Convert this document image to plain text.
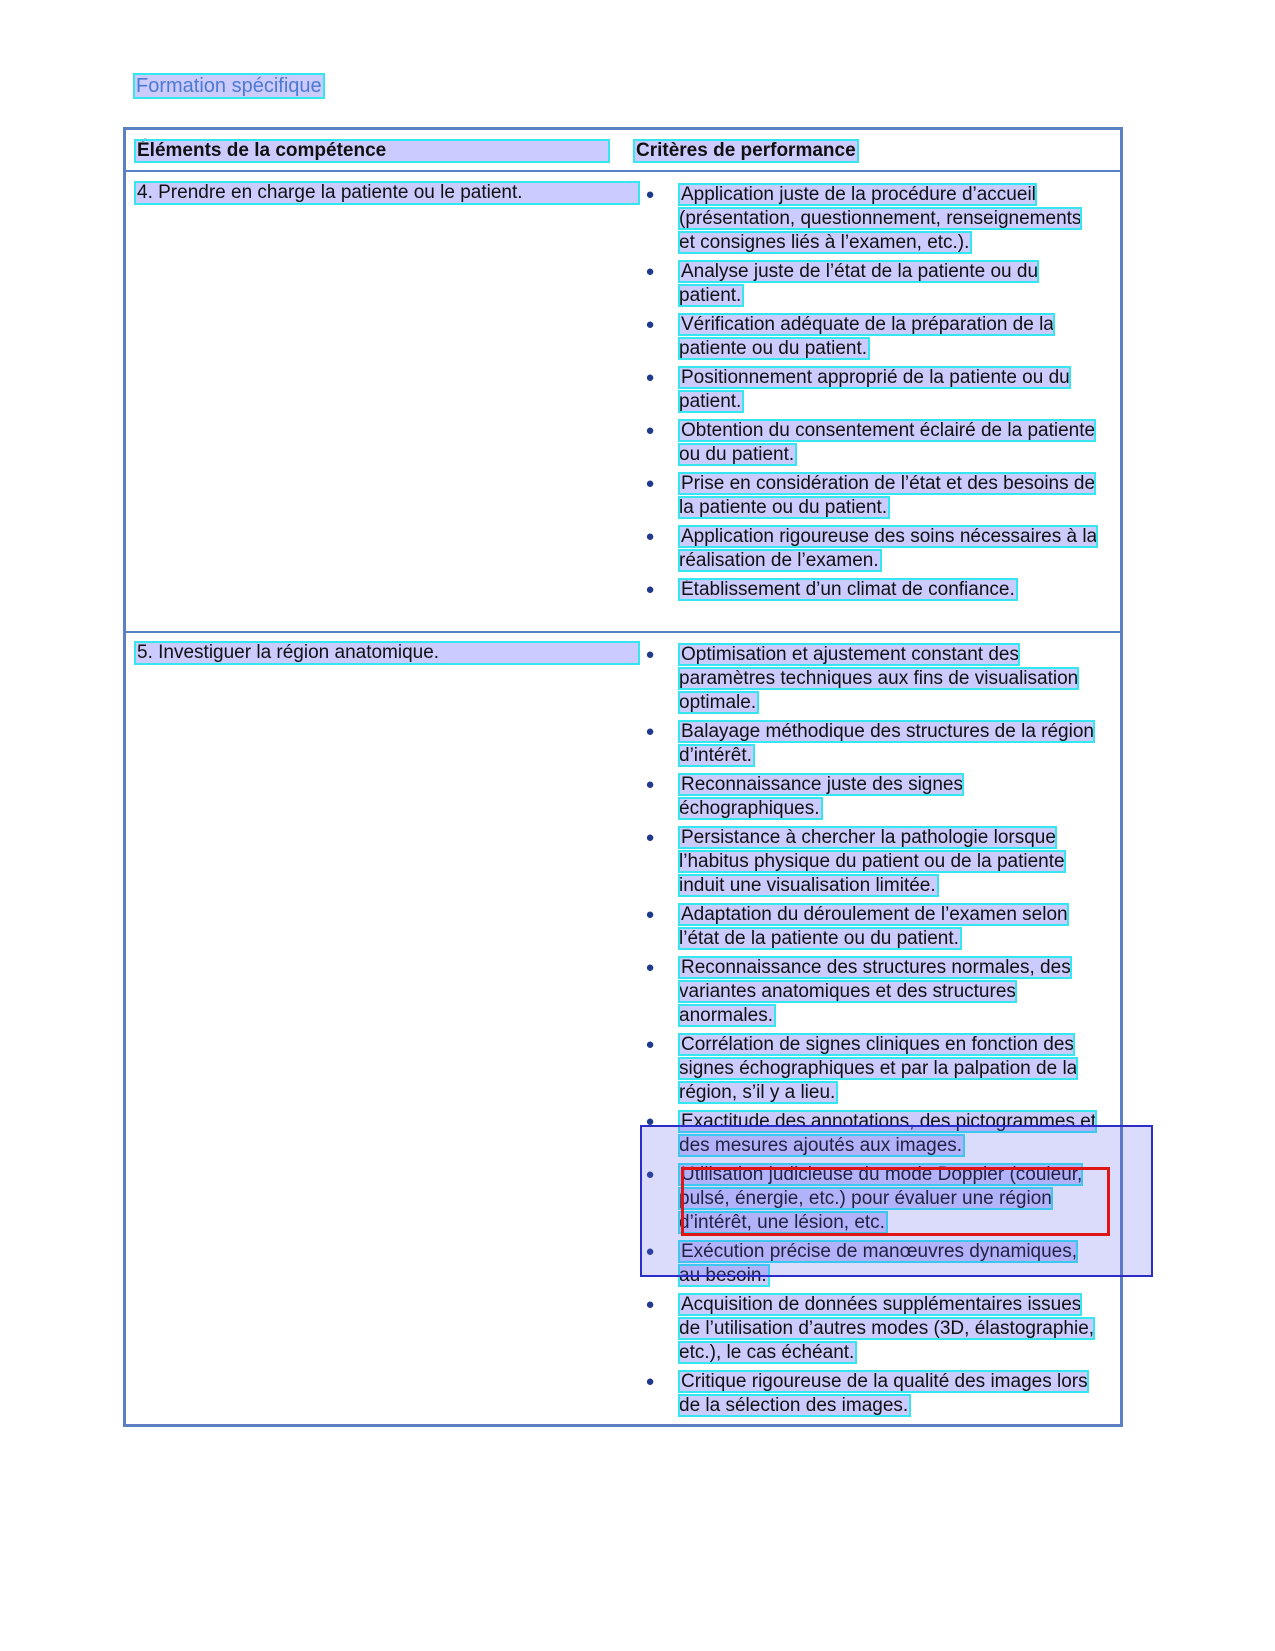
Formation spécifique
Éléments de la compétence	Critères de performance
4. Prendre en charge la patiente ou le patient.	● Application juste de la procédure d’accueil (présentation, questionnement, renseignements et consignes liés à l’examen, etc.).
● Analyse juste de l’état de la patiente ou du patient.
● Vérification adéquate de la préparation de la patiente ou du patient.
● Positionnement approprié de la patiente ou du patient.
● Obtention du consentement éclairé de la patiente ou du patient.
● Prise en considération de l’état et des besoins de la patiente ou du patient.
● Application rigoureuse des soins nécessaires à la réalisation de l’examen.
● Établissement d’un climat de confiance.
5. Investiguer la région anatomique.	● Optimisation et ajustement constant des paramètres techniques aux fins de visualisation optimale.
● Balayage méthodique des structures de la région d’intérêt.
● Reconnaissance juste des signes échographiques.
● Persistance à chercher la pathologie lorsque l’habitus physique du patient ou de la patiente induit une visualisation limitée.
● Adaptation du déroulement de l’examen selon l’état de la patiente ou du patient.
● Reconnaissance des structures normales, des variantes anatomiques et des structures anormales.
● Corrélation de signes cliniques en fonction des signes échographiques et par la palpation de la région, s’il y a lieu.
● Exactitude des annotations, des pictogrammes et des mesures ajoutés aux images.
● Utilisation judicieuse du mode Doppler (couleur, pulsé, énergie, etc.) pour évaluer une région d’intérêt, une lésion, etc.
● Exécution précise de manœuvres dynamiques, au besoin.
● Acquisition de données supplémentaires issues de l’utilisation d’autres modes (3D, élastographie, etc.), le cas échéant.
● Critique rigoureuse de la qualité des images lors de la sélection des images.
